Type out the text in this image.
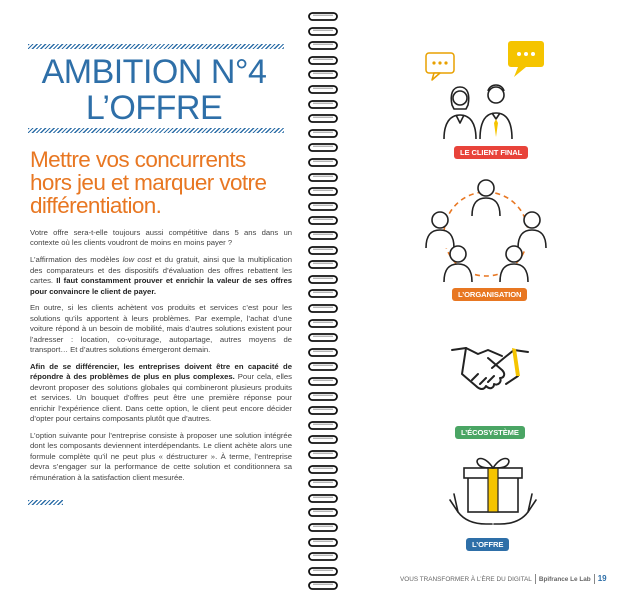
AMBITION N°4
L’OFFRE
Mettre vos concurrents hors jeu et marquer votre différentiation.

Votre offre sera-t-elle toujours aussi compétitive dans 5 ans dans un contexte où les clients voudront de moins en moins payer ?

L’affirmation des modèles low cost et du gratuit, ainsi que la multiplication des comparateurs et des dispositifs d’évaluation des offres rebattent les cartes. Il faut constamment prouver et enrichir la valeur de ses offres pour convaincre le client de payer.

En outre, si les clients achètent vos produits et services c’est pour les solutions qu’ils apportent à leurs problèmes. Par exemple, l’achat d’une voiture répond à un besoin de mobilité, mais d’autres solutions existent pour l’adresser : location, co-voiturage, autopartage, autres moyens de transport… Et d’autres solutions émergeront demain.

Afin de se différencier, les entreprises doivent être en capacité de répondre à des problèmes de plus en plus complexes. Pour cela, elles devront proposer des solutions globales qui combineront plusieurs produits et services. Un bouquet d’offres peut être une première réponse pour enrichir l’expérience client. Dans cette option, le client peut encore décider d’opter pour certains composants plutôt que d’autres.

L’option suivante pour l’entreprise consiste à proposer une solution intégrée dont les composants deviennent interdépendants. Le client achète alors une formule complète qu’il ne peut plus « déstructurer ». À terme, l’entreprise devra s’engager sur la performance de cette solution et conditionnera sa rémunération à la satisfaction client mesurée.

LE CLIENT FINAL
L’ORGANISATION
L’ÉCOSYSTÈME
L’OFFRE
VOUS TRANSFORMER À L’ÈRE DU DIGITAL Bpifrance Le Lab 19
